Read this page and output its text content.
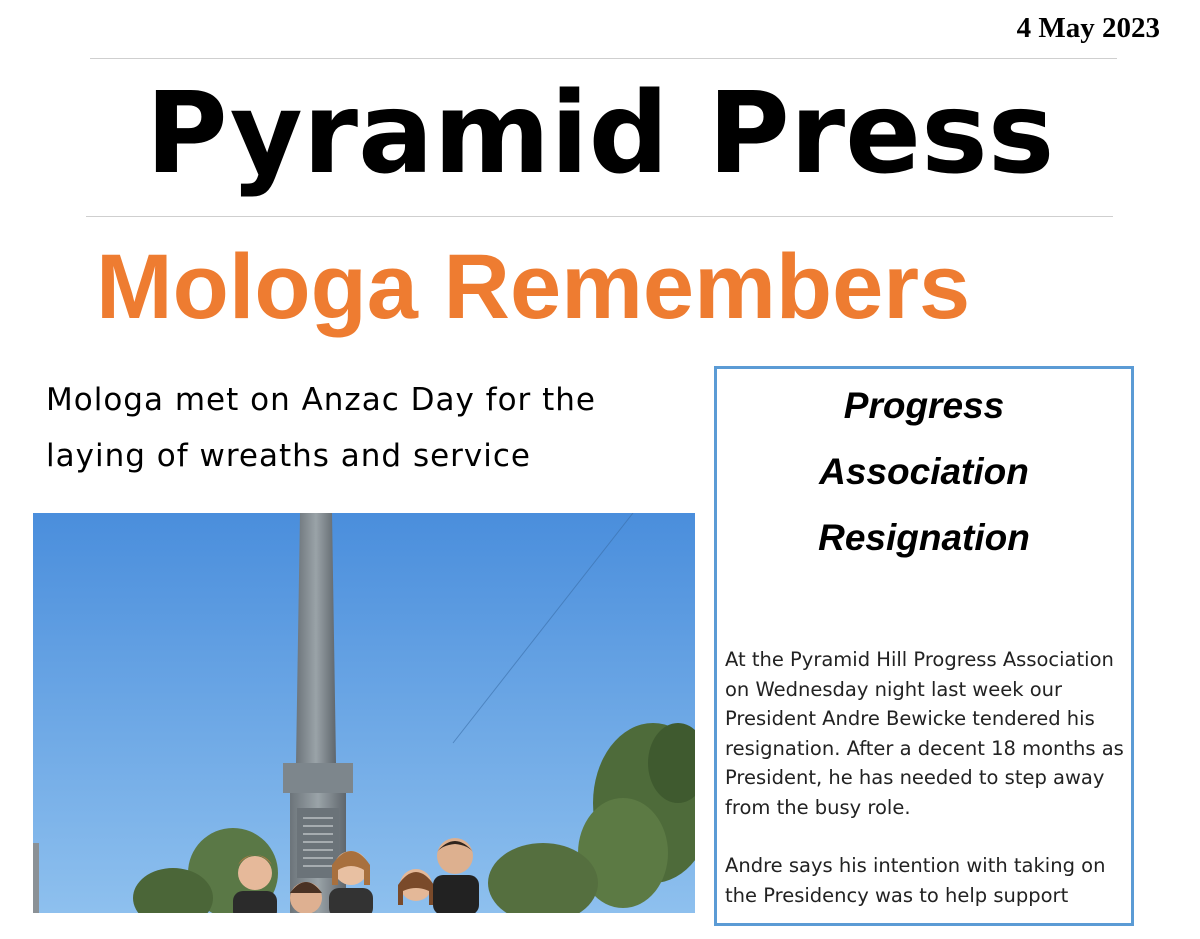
4 May 2023
Pyramid Press
Mologa Remembers
Mologa met on Anzac Day for the laying of wreaths and service
Progress
Association
Resignation

At the Pyramid Hill Progress Association on Wednesday night last week our President Andre Bewicke tendered his resignation. After a decent 18 months as President, he has needed to step away from the busy role.

Andre says his intention with taking on the Presidency was to help support
